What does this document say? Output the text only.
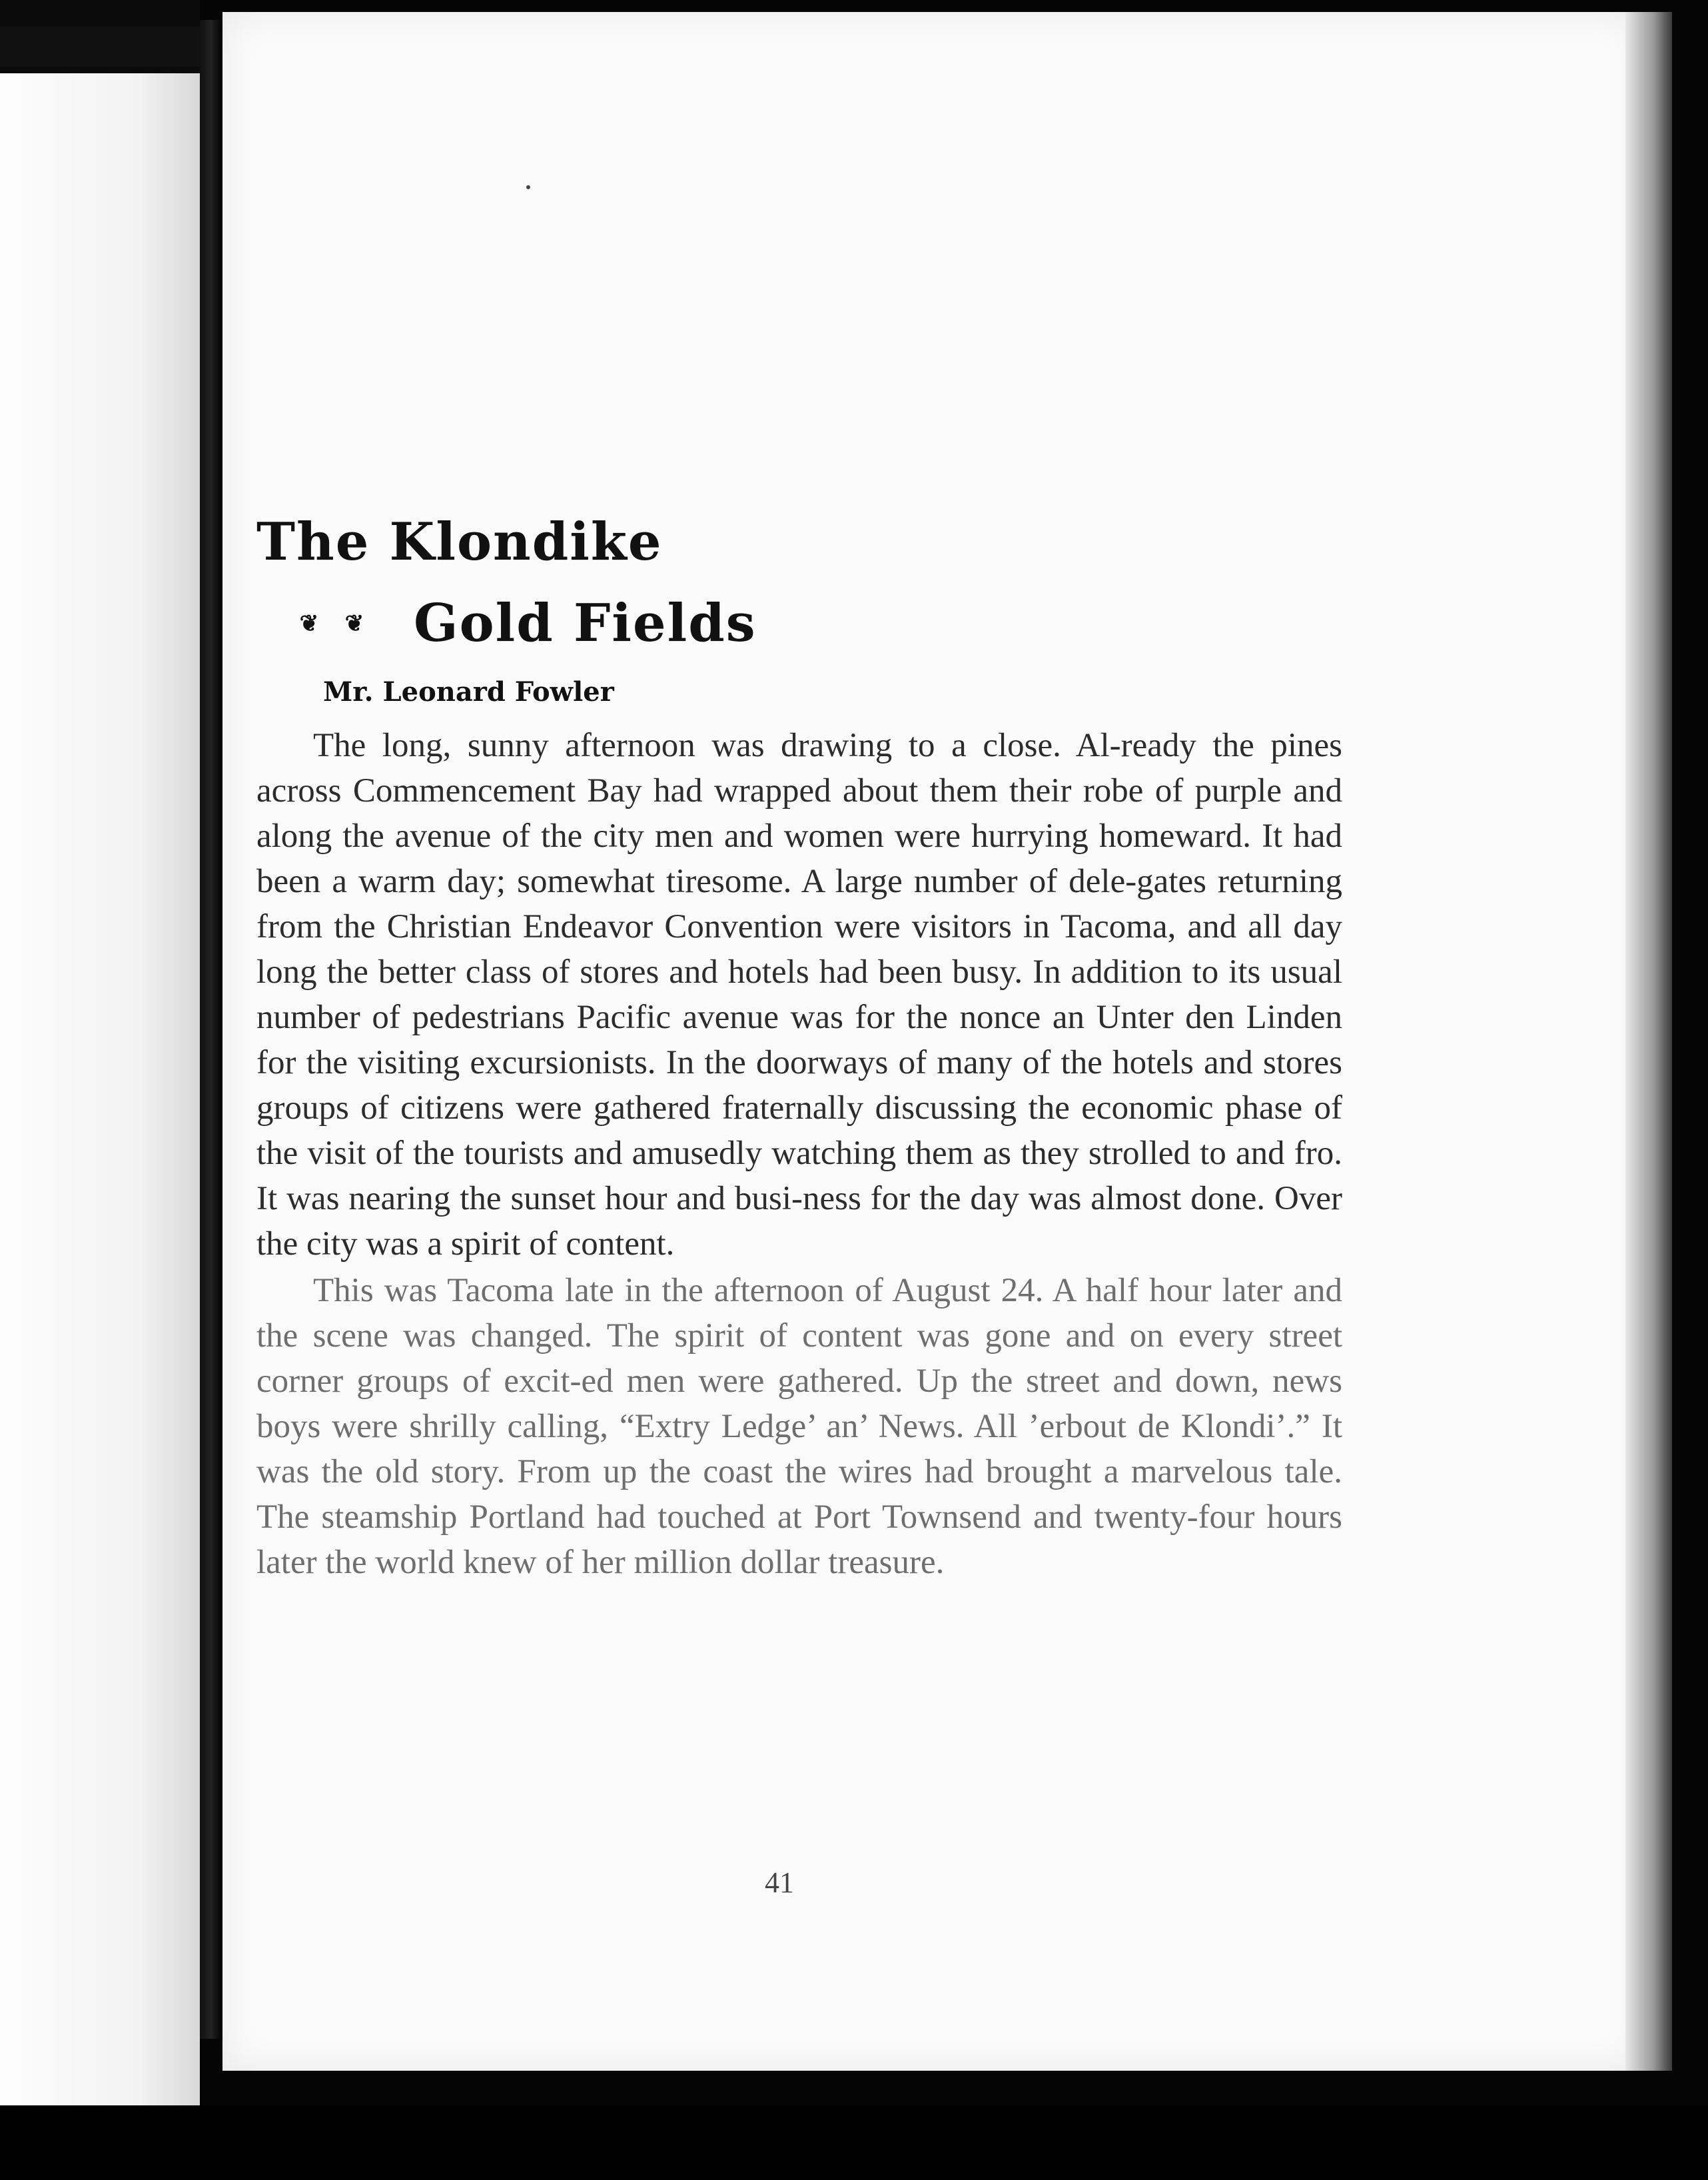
The Klondike
❦ ❦ Gold Fields
Mr. Leonard Fowler

The long, sunny afternoon was drawing to a close. Al-ready the pines across Commencement Bay had wrapped about them their robe of purple and along the avenue of the city men and women were hurrying homeward. It had been a warm day; somewhat tiresome. A large number of dele-gates returning from the Christian Endeavor Convention were visitors in Tacoma, and all day long the better class of stores and hotels had been busy. In addition to its usual number of pedestrians Pacific avenue was for the nonce an Unter den Linden for the visiting excursionists. In the doorways of many of the hotels and stores groups of citizens were gathered fraternally discussing the economic phase of the visit of the tourists and amusedly watching them as they strolled to and fro. It was nearing the sunset hour and busi-ness for the day was almost done. Over the city was a spirit of content.

This was Tacoma late in the afternoon of August 24. A half hour later and the scene was changed. The spirit of content was gone and on every street corner groups of excit-ed men were gathered. Up the street and down, news boys were shrilly calling, “Extry Ledge’ an’ News. All ’erbout de Klondi’.” It was the old story. From up the coast the wires had brought a marvelous tale. The steamship Portland had touched at Port Townsend and twenty-four hours later the world knew of her million dollar treasure.

41
